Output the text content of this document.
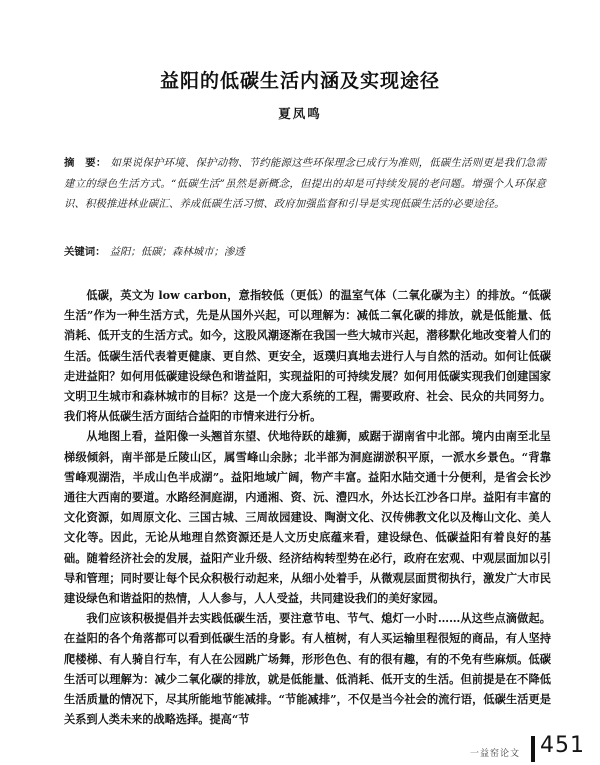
益阳的低碳生活内涵及实现途径
夏凤鸣
摘　要： 如果说保护环境、保护动物、节约能源这些环保理念已成行为准则，低碳生活则更是我们急需建立的绿色生活方式。“低碳生活”虽然是新概念，但提出的却是可持续发展的老问题。增强个人环保意识、积极推进林业碳汇、养成低碳生活习惯、政府加强监督和引导是实现低碳生活的必要途径。
关键词： 益阳；低碳；森林城市；渗透

低碳，英文为 low carbon，意指较低（更低）的温室气体（二氧化碳为主）的排放。“低碳生活”作为一种生活方式，先是从国外兴起，可以理解为：减低二氧化碳的排放，就是低能量、低消耗、低开支的生活方式。如今，这股风潮逐渐在我国一些大城市兴起，潜移默化地改变着人们的生活。低碳生活代表着更健康、更自然、更安全，返璞归真地去进行人与自然的活动。如何让低碳走进益阳？如何用低碳建设绿色和谐益阳，实现益阳的可持续发展？如何用低碳实现我们创建国家文明卫生城市和森林城市的目标？这是一个庞大系统的工程，需要政府、社会、民众的共同努力。我们将从低碳生活方面结合益阳的市情来进行分析。

从地图上看，益阳像一头翘首东望、伏地待跃的雄狮，威踞于湖南省中北部。境内由南至北呈梯级倾斜，南半部是丘陵山区，属雪峰山余脉；北半部为洞庭湖淤积平原，一派水乡景色。“背靠雪峰观湖浩，半成山色半成湖”。益阳地域广阔，物产丰富。益阳水陆交通十分便利，是省会长沙通往大西南的要道。水路经洞庭湖，内通湘、资、沅、澧四水，外达长江沙各口岸。益阳有丰富的文化资源，如周原文化、三国古城、三周故园建设、陶澍文化、汉传佛教文化以及梅山文化、美人文化等。因此，无论从地理自然资源还是人文历史底蕴来看，建设绿色、低碳益阳有着良好的基础。随着经济社会的发展，益阳产业升级、经济结构转型势在必行，政府在宏观、中观层面加以引导和管理；同时要让每个民众积极行动起来，从细小处着手，从微观层面贯彻执行，激发广大市民建设绿色和谐益阳的热情，人人参与，人人受益，共同建设我们的美好家园。

我们应该积极提倡并去实践低碳生活，要注意节电、节气、熄灯一小时……从这些点滴做起。在益阳的各个角落都可以看到低碳生活的身影。有人植树，有人买运输里程很短的商品，有人坚持爬楼梯、有人骑自行车，有人在公园跳广场舞，形形色色、有的很有趣，有的不免有些麻烦。低碳生活可以理解为：减少二氧化碳的排放，就是低能量、低消耗、低开支的生活。但前提是在不降低生活质量的情况下，尽其所能地节能减排。“节能减排”，不仅是当今社会的流行语，低碳生活更是关系到人类未来的战略选择。提高“节

一益窑论文 451
